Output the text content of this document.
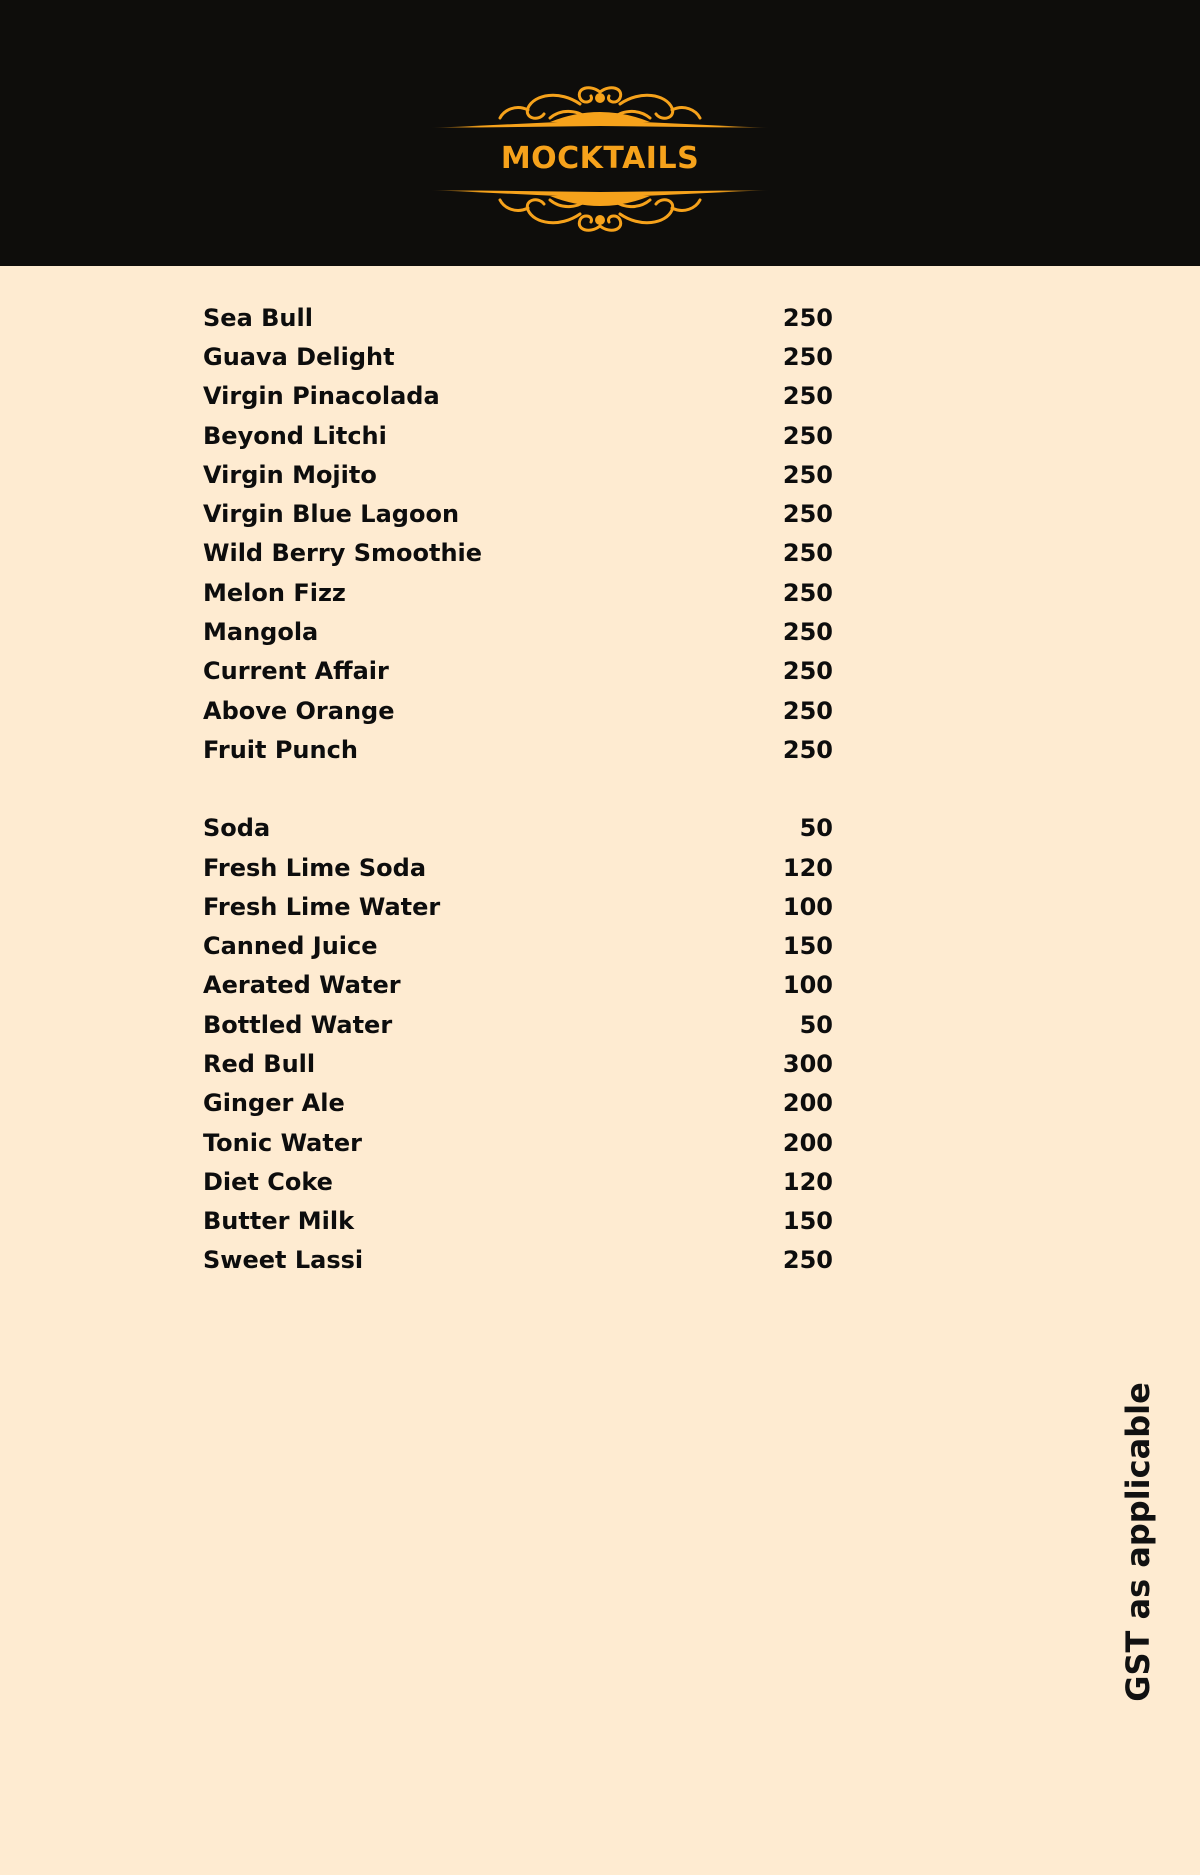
MOCKTAILS
Sea Bull	250
Guava Delight	250
Virgin Pinacolada	250
Beyond Litchi	250
Virgin Mojito	250
Virgin Blue Lagoon	250
Wild Berry Smoothie	250
Melon Fizz	250
Mangola	250
Current Affair	250
Above Orange	250
Fruit Punch	250
Soda	50
Fresh Lime Soda	120
Fresh Lime Water	100
Canned Juice	150
Aerated Water	100
Bottled Water	50
Red Bull	300
Ginger Ale	200
Tonic Water	200
Diet Coke	120
Butter Milk	150
Sweet Lassi	250
GST as applicable
